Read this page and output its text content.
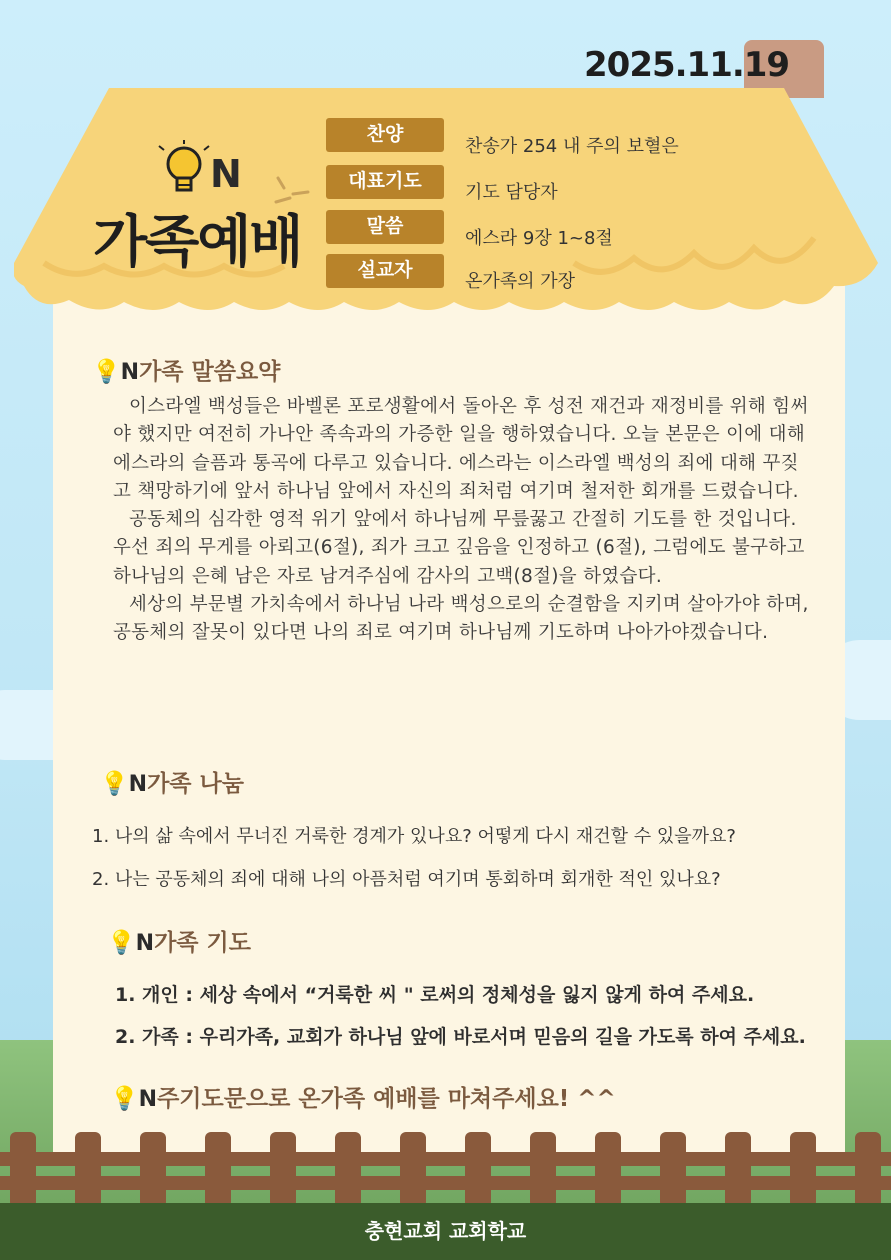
2025.11.19
N
가족예배
찬양
찬송가 254 내 주의 보혈은
대표기도
기도 담당자
말씀
에스라 9장 1~8절
설교자
온가족의 가장
💡N가족 말씀요약

이스라엘 백성들은 바벨론 포로생활에서 돌아온 후 성전 재건과 재정비를 위해 힘써야 했지만 여전히 가나안 족속과의 가증한 일을 행하였습니다. 오늘 본문은 이에 대해 에스라의 슬픔과 통곡에 다루고 있습니다. 에스라는 이스라엘 백성의 죄에 대해 꾸짖고 책망하기에 앞서 하나님 앞에서 자신의 죄처럼 여기며 철저한 회개를 드렸습니다.

공동체의 심각한 영적 위기 앞에서 하나님께 무릎꿇고 간절히 기도를 한 것입니다. 우선 죄의 무게를 아뢰고(6절), 죄가 크고 깊음을 인정하고 (6절), 그럼에도 불구하고 하나님의 은혜 남은 자로 남겨주심에 감사의 고백(8절)을 하였습다.

세상의 부문별 가치속에서 하나님 나라 백성으로의 순결함을 지키며 살아가야 하며, 공동체의 잘못이 있다면 나의 죄로 여기며 하나님께 기도하며 나아가야겠습니다.

💡N가족 나눔
1. 나의 삶 속에서 무너진 거룩한 경계가 있나요? 어떻게 다시 재건할 수 있을까요?
2. 나는 공동체의 죄에 대해 나의 아픔처럼 여기며 통회하며 회개한 적인 있나요?
💡N가족 기도
1. 개인 : 세상 속에서 “거룩한 씨 " 로써의 정체성을 잃지 않게 하여 주세요.
2. 가족 : 우리가족, 교회가 하나님 앞에 바로서며 믿음의 길을 가도록 하여 주세요.
💡N주기도문으로 온가족 예배를 마쳐주세요! ^^
충현교회 교회학교
